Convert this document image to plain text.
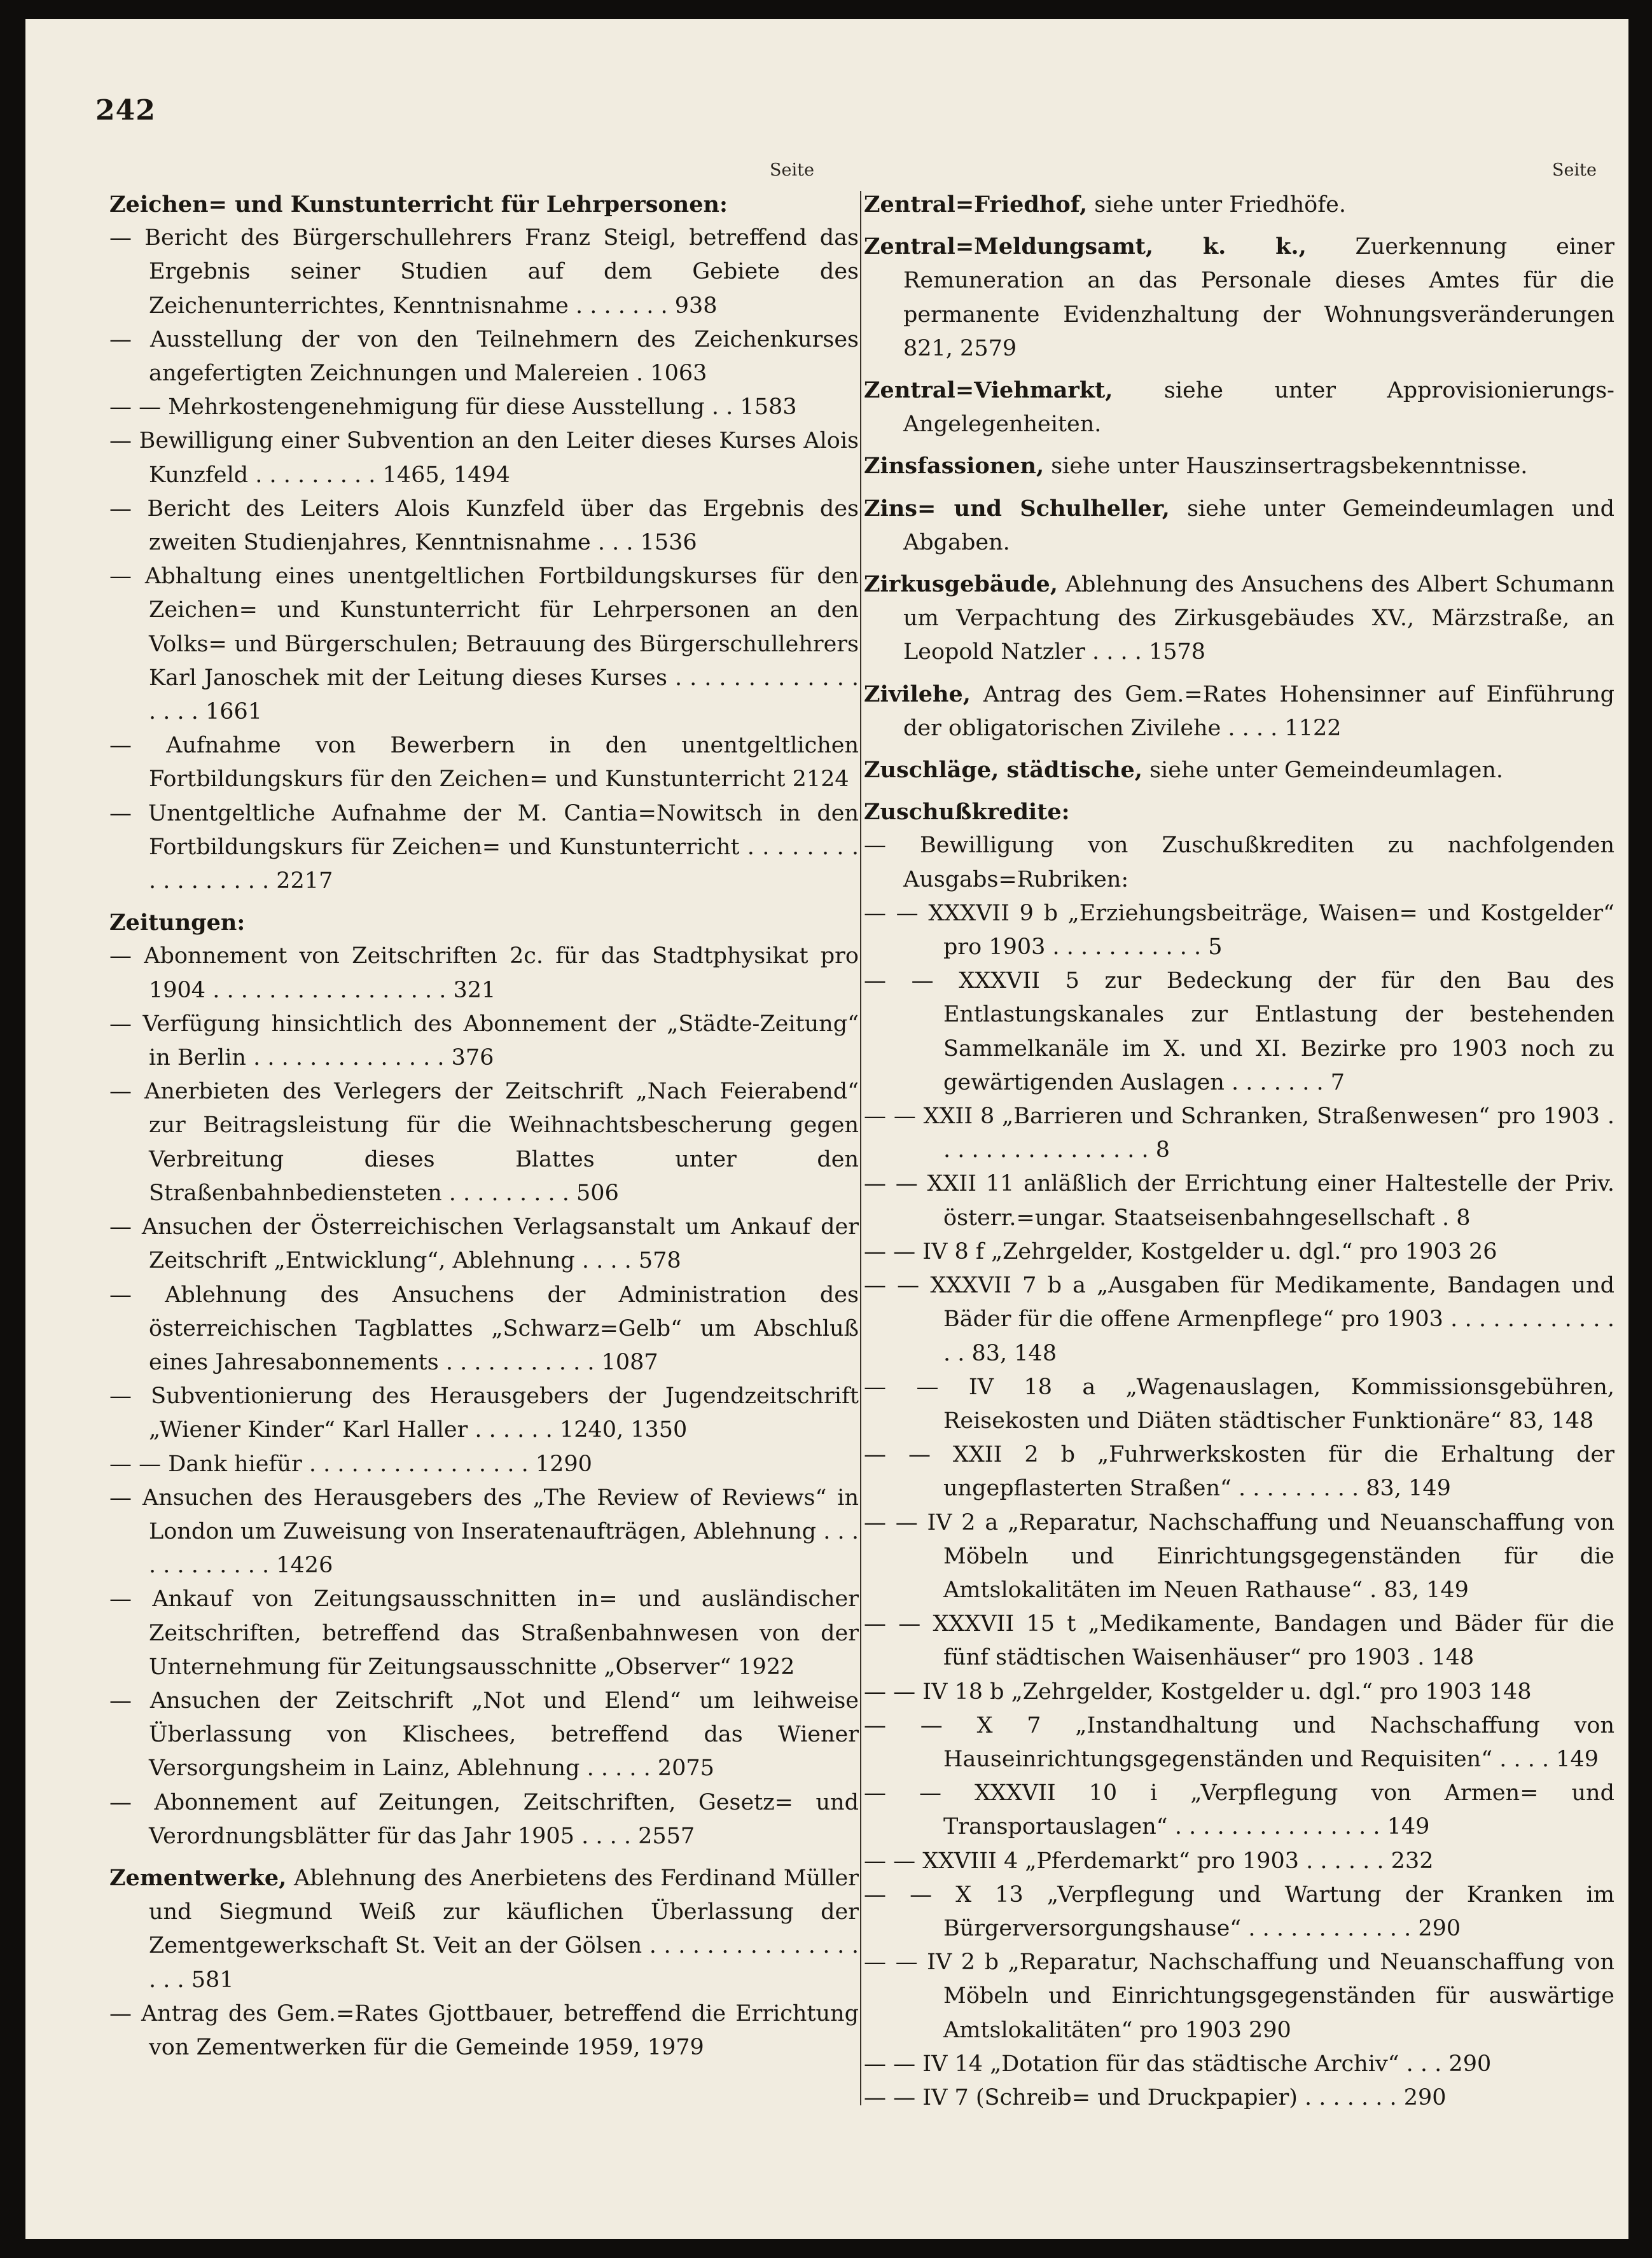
242
Seite	Seite
Zeichen= und Kunstunterricht für Lehrpersonen:
— Bericht des Bürgerschullehrers Franz Steigl, betreffend das Ergebnis seiner Studien auf dem Gebiete des Zeichenunterrichtes, Kenntnisnahme . . . . . . . 938
— Ausstellung der von den Teilnehmern des Zeichenkurses angefertigten Zeichnungen und Malereien . 1063
— — Mehrkostengenehmigung für diese Ausstellung . . 1583
— Bewilligung einer Subvention an den Leiter dieses Kurses Alois Kunzfeld . . . . . . . . . 1465, 1494
— Bericht des Leiters Alois Kunzfeld über das Ergebnis des zweiten Studienjahres, Kenntnisnahme . . . 1536
— Abhaltung eines unentgeltlichen Fortbildungskurses für den Zeichen= und Kunstunterricht für Lehrpersonen an den Volks= und Bürgerschulen; Betrauung des Bürgerschullehrers Karl Janoschek mit der Leitung dieses Kurses . . . . . . . . . . . . . . . . . 1661
— Aufnahme von Bewerbern in den unentgeltlichen Fortbildungskurs für den Zeichen= und Kunstunterricht 2124
— Unentgeltliche Aufnahme der M. Cantia=Nowitsch in den Fortbildungskurs für Zeichen= und Kunstunterricht . . . . . . . . . . . . . . . . . 2217
Zeitungen:
— Abonnement von Zeitschriften 2c. für das Stadtphysikat pro 1904 . . . . . . . . . . . . . . . . . 321
— Verfügung hinsichtlich des Abonnement der „Städte-Zeitung“ in Berlin . . . . . . . . . . . . . . 376
— Anerbieten des Verlegers der Zeitschrift „Nach Feierabend“ zur Beitragsleistung für die Weihnachtsbescherung gegen Verbreitung dieses Blattes unter den Straßenbahnbediensteten . . . . . . . . . 506
— Ansuchen der Österreichischen Verlagsanstalt um Ankauf der Zeitschrift „Entwicklung“, Ablehnung . . . . 578
— Ablehnung des Ansuchens der Administration des österreichischen Tagblattes „Schwarz=Gelb“ um Abschluß eines Jahresabonnements . . . . . . . . . . . 1087
— Subventionierung des Herausgebers der Jugendzeitschrift „Wiener Kinder“ Karl Haller . . . . . . 1240, 1350
— — Dank hiefür . . . . . . . . . . . . . . . . 1290
— Ansuchen des Herausgebers des „The Review of Reviews“ in London um Zuweisung von Inseratenaufträgen, Ablehnung . . . . . . . . . . . . 1426
— Ankauf von Zeitungsausschnitten in= und ausländischer Zeitschriften, betreffend das Straßenbahnwesen von der Unternehmung für Zeitungsausschnitte „Observer“ 1922
— Ansuchen der Zeitschrift „Not und Elend“ um leihweise Überlassung von Klischees, betreffend das Wiener Versorgungsheim in Lainz, Ablehnung . . . . . 2075
— Abonnement auf Zeitungen, Zeitschriften, Gesetz= und Verordnungsblätter für das Jahr 1905 . . . . 2557
Zementwerke, Ablehnung des Anerbietens des Ferdinand Müller und Siegmund Weiß zur käuflichen Überlassung der Zementgewerkschaft St. Veit an der Gölsen . . . . . . . . . . . . . . . . . . 581
— Antrag des Gem.=Rates Gjottbauer, betreffend die Errichtung von Zementwerken für die Gemeinde 1959, 1979
Zentral=Friedhof, siehe unter Friedhöfe.
Zentral=Meldungsamt, k. k., Zuerkennung einer Remuneration an das Personale dieses Amtes für die permanente Evidenzhaltung der Wohnungsveränderungen 821, 2579
Zentral=Viehmarkt, siehe unter Approvisionierungs-Angelegenheiten.
Zinsfassionen, siehe unter Hauszinsertragsbekenntnisse.
Zins= und Schulheller, siehe unter Gemeindeumlagen und Abgaben.
Zirkusgebäude, Ablehnung des Ansuchens des Albert Schumann um Verpachtung des Zirkusgebäudes XV., Märzstraße, an Leopold Natzler . . . . 1578
Zivilehe, Antrag des Gem.=Rates Hohensinner auf Einführung der obligatorischen Zivilehe . . . . 1122
Zuschläge, städtische, siehe unter Gemeindeumlagen.
Zuschußkredite:
— Bewilligung von Zuschußkrediten zu nachfolgenden Ausgabs=Rubriken:
— — XXXVII 9 b „Erziehungsbeiträge, Waisen= und Kostgelder“ pro 1903 . . . . . . . . . . . 5
— — XXXVII 5 zur Bedeckung der für den Bau des Entlastungskanales zur Entlastung der bestehenden Sammelkanäle im X. und XI. Bezirke pro 1903 noch zu gewärtigenden Auslagen . . . . . . . 7
— — XXII 8 „Barrieren und Schranken, Straßenwesen“ pro 1903 . . . . . . . . . . . . . . . . 8
— — XXII 11 anläßlich der Errichtung einer Haltestelle der Priv. österr.=ungar. Staatseisenbahngesellschaft . 8
— — IV 8 f „Zehrgelder, Kostgelder u. dgl.“ pro 1903 26
— — XXXVII 7 b a „Ausgaben für Medikamente, Bandagen und Bäder für die offene Armenpflege“ pro 1903 . . . . . . . . . . . . . . 83, 148
— — IV 18 a „Wagenauslagen, Kommissionsgebühren, Reisekosten und Diäten städtischer Funktionäre“ 83, 148
— — XXII 2 b „Fuhrwerkskosten für die Erhaltung der ungepflasterten Straßen“ . . . . . . . . . 83, 149
— — IV 2 a „Reparatur, Nachschaffung und Neuanschaffung von Möbeln und Einrichtungsgegenständen für die Amtslokalitäten im Neuen Rathause“ . 83, 149
— — XXXVII 15 t „Medikamente, Bandagen und Bäder für die fünf städtischen Waisenhäuser“ pro 1903 . 148
— — IV 18 b „Zehrgelder, Kostgelder u. dgl.“ pro 1903 148
— — X 7 „Instandhaltung und Nachschaffung von Hauseinrichtungsgegenständen und Requisiten“ . . . . 149
— — XXXVII 10 i „Verpflegung von Armen= und Transportauslagen“ . . . . . . . . . . . . . . . 149
— — XXVIII 4 „Pferdemarkt“ pro 1903 . . . . . . 232
— — X 13 „Verpflegung und Wartung der Kranken im Bürgerversorgungshause“ . . . . . . . . . . . . 290
— — IV 2 b „Reparatur, Nachschaffung und Neuanschaffung von Möbeln und Einrichtungsgegenständen für auswärtige Amtslokalitäten“ pro 1903 290
— — IV 14 „Dotation für das städtische Archiv“ . . . 290
— — IV 7 (Schreib= und Druckpapier) . . . . . . . 290
